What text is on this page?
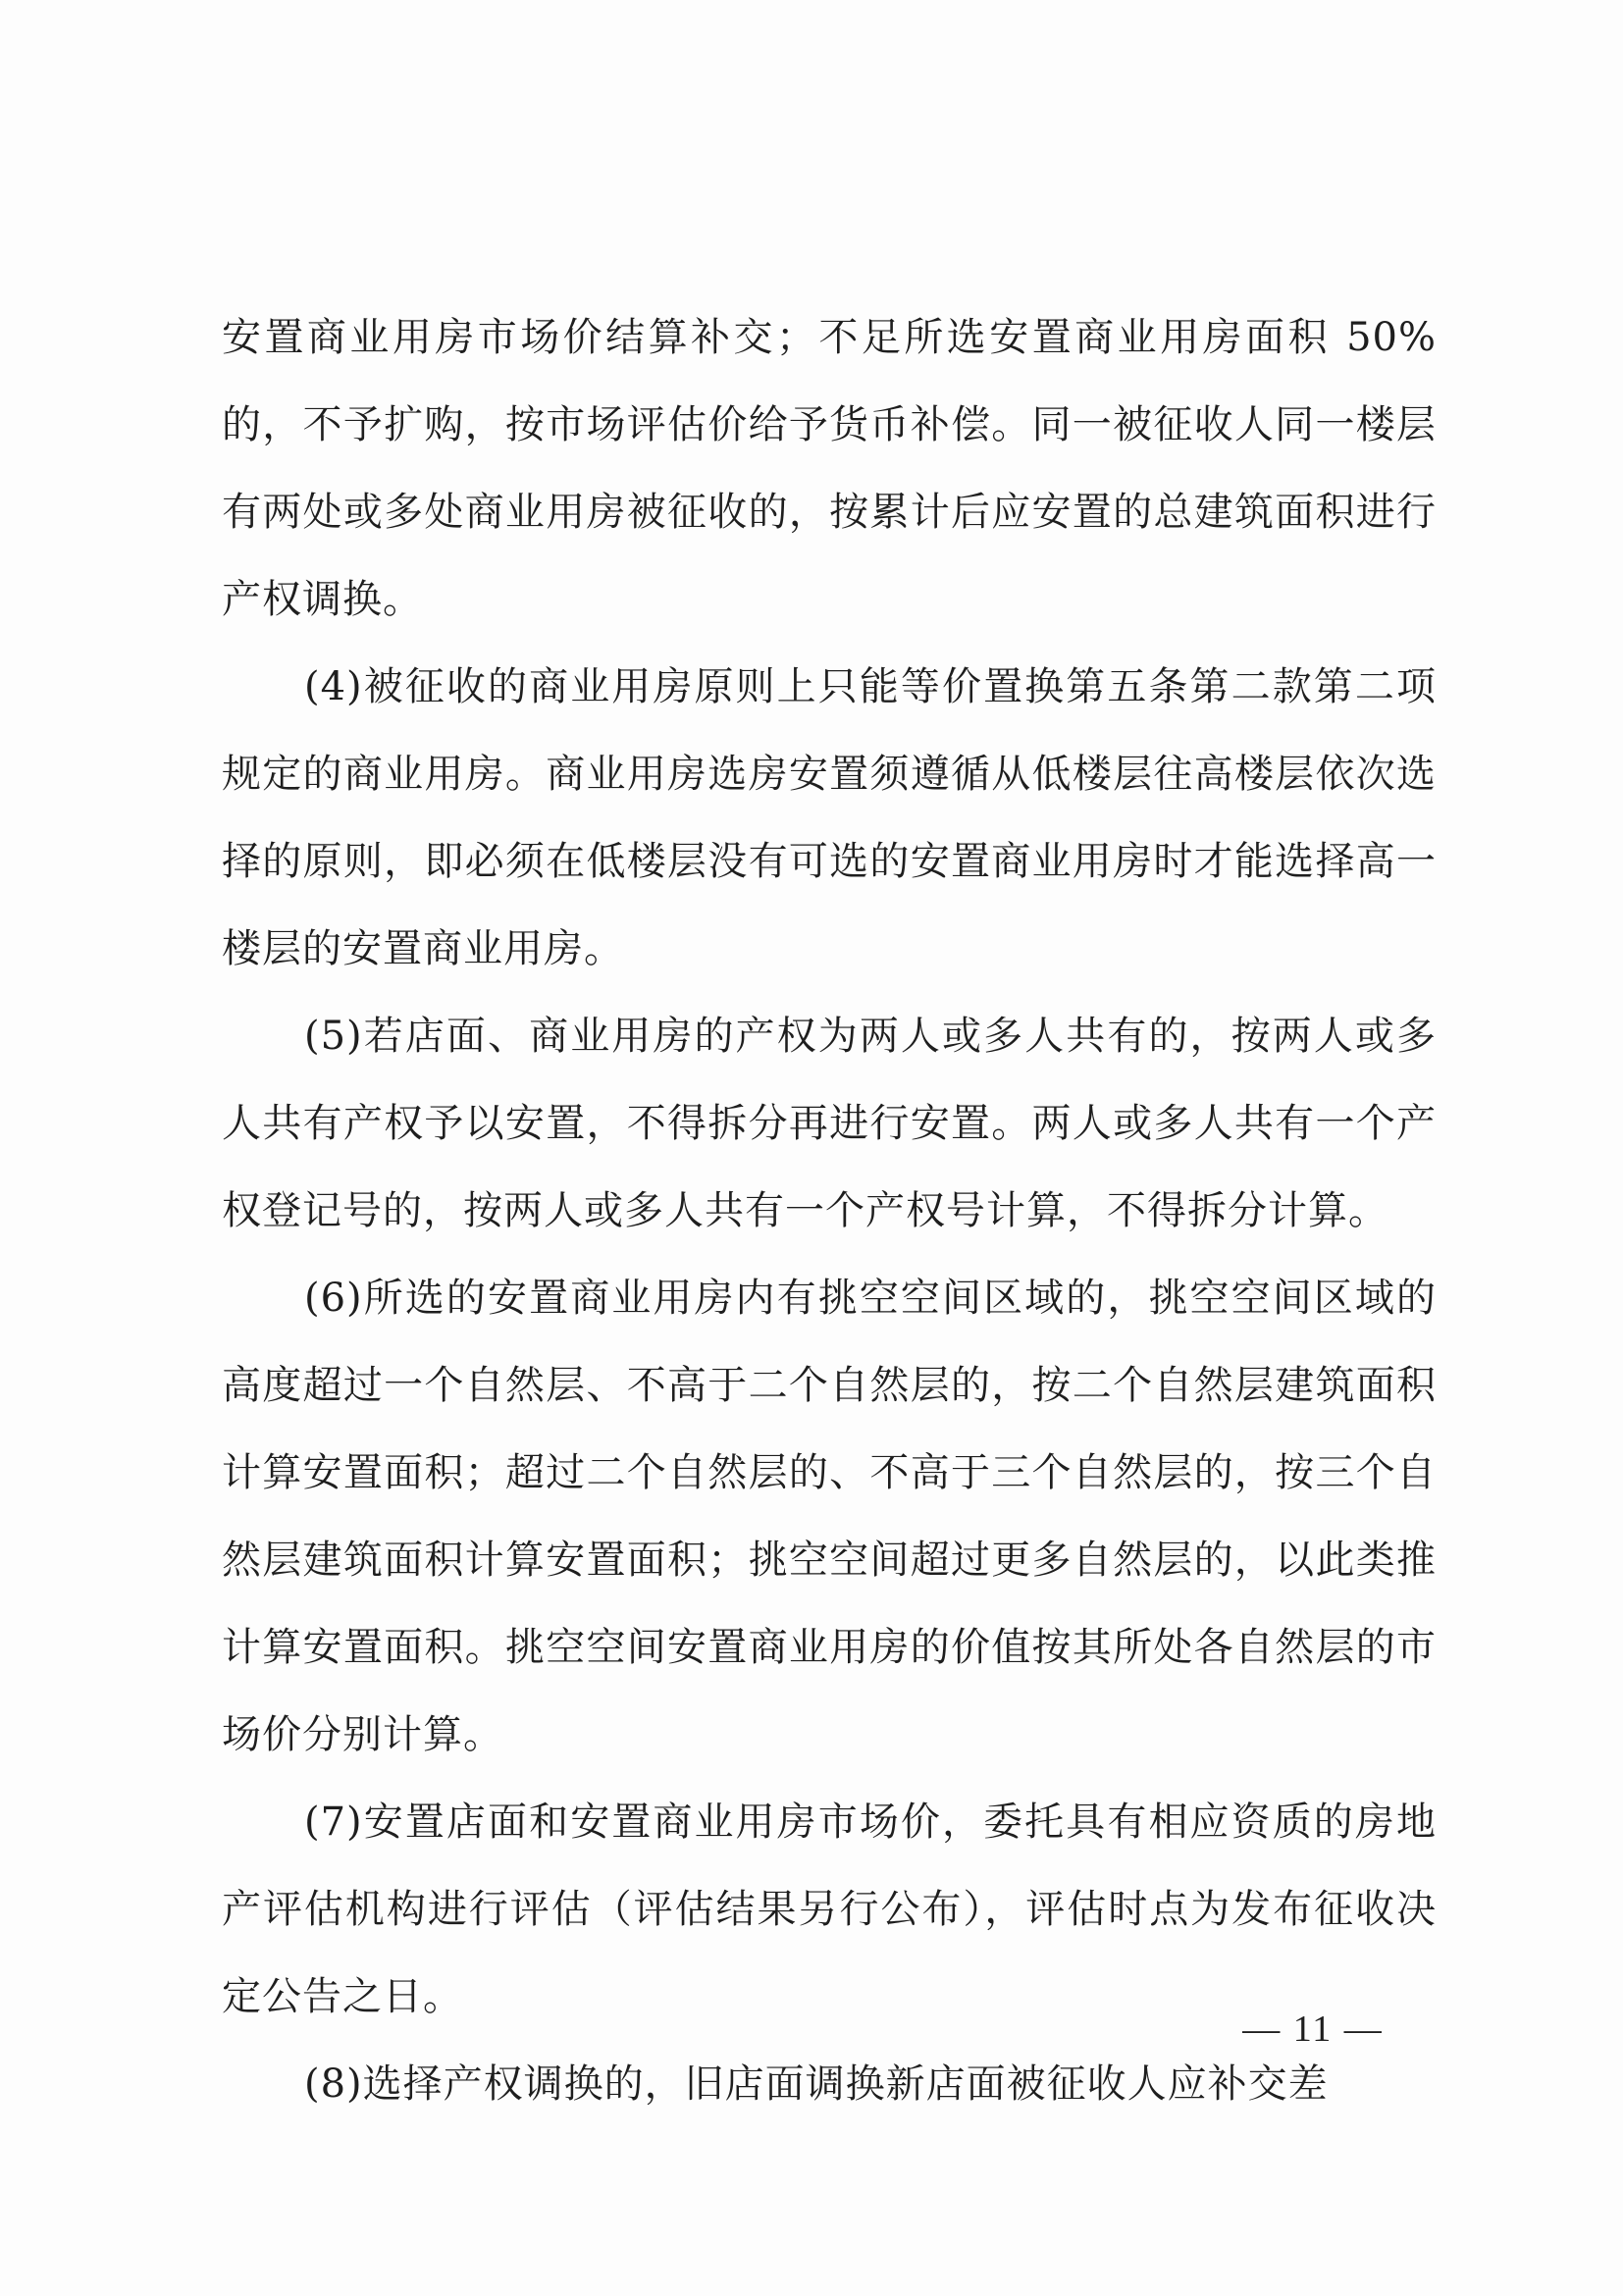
安置商业用房市场价结算补交；不足所选安置商业用房面积 50%的，不予扩购，按市场评估价给予货币补偿。同一被征收人同一楼层有两处或多处商业用房被征收的，按累计后应安置的总建筑面积进行产权调换。

(4)被征收的商业用房原则上只能等价置换第五条第二款第二项规定的商业用房。商业用房选房安置须遵循从低楼层往高楼层依次选择的原则，即必须在低楼层没有可选的安置商业用房时才能选择高一楼层的安置商业用房。

(5)若店面、商业用房的产权为两人或多人共有的，按两人或多人共有产权予以安置，不得拆分再进行安置。两人或多人共有一个产权登记号的，按两人或多人共有一个产权号计算，不得拆分计算。

(6)所选的安置商业用房内有挑空空间区域的，挑空空间区域的高度超过一个自然层、不高于二个自然层的，按二个自然层建筑面积计算安置面积；超过二个自然层的、不高于三个自然层的，按三个自然层建筑面积计算安置面积；挑空空间超过更多自然层的，以此类推计算安置面积。挑空空间安置商业用房的价值按其所处各自然层的市场价分别计算。

(7)安置店面和安置商业用房市场价，委托具有相应资质的房地产评估机构进行评估（评估结果另行公布），评估时点为发布征收决定公告之日。

(8)选择产权调换的，旧店面调换新店面被征收人应补交差

— 11 —
